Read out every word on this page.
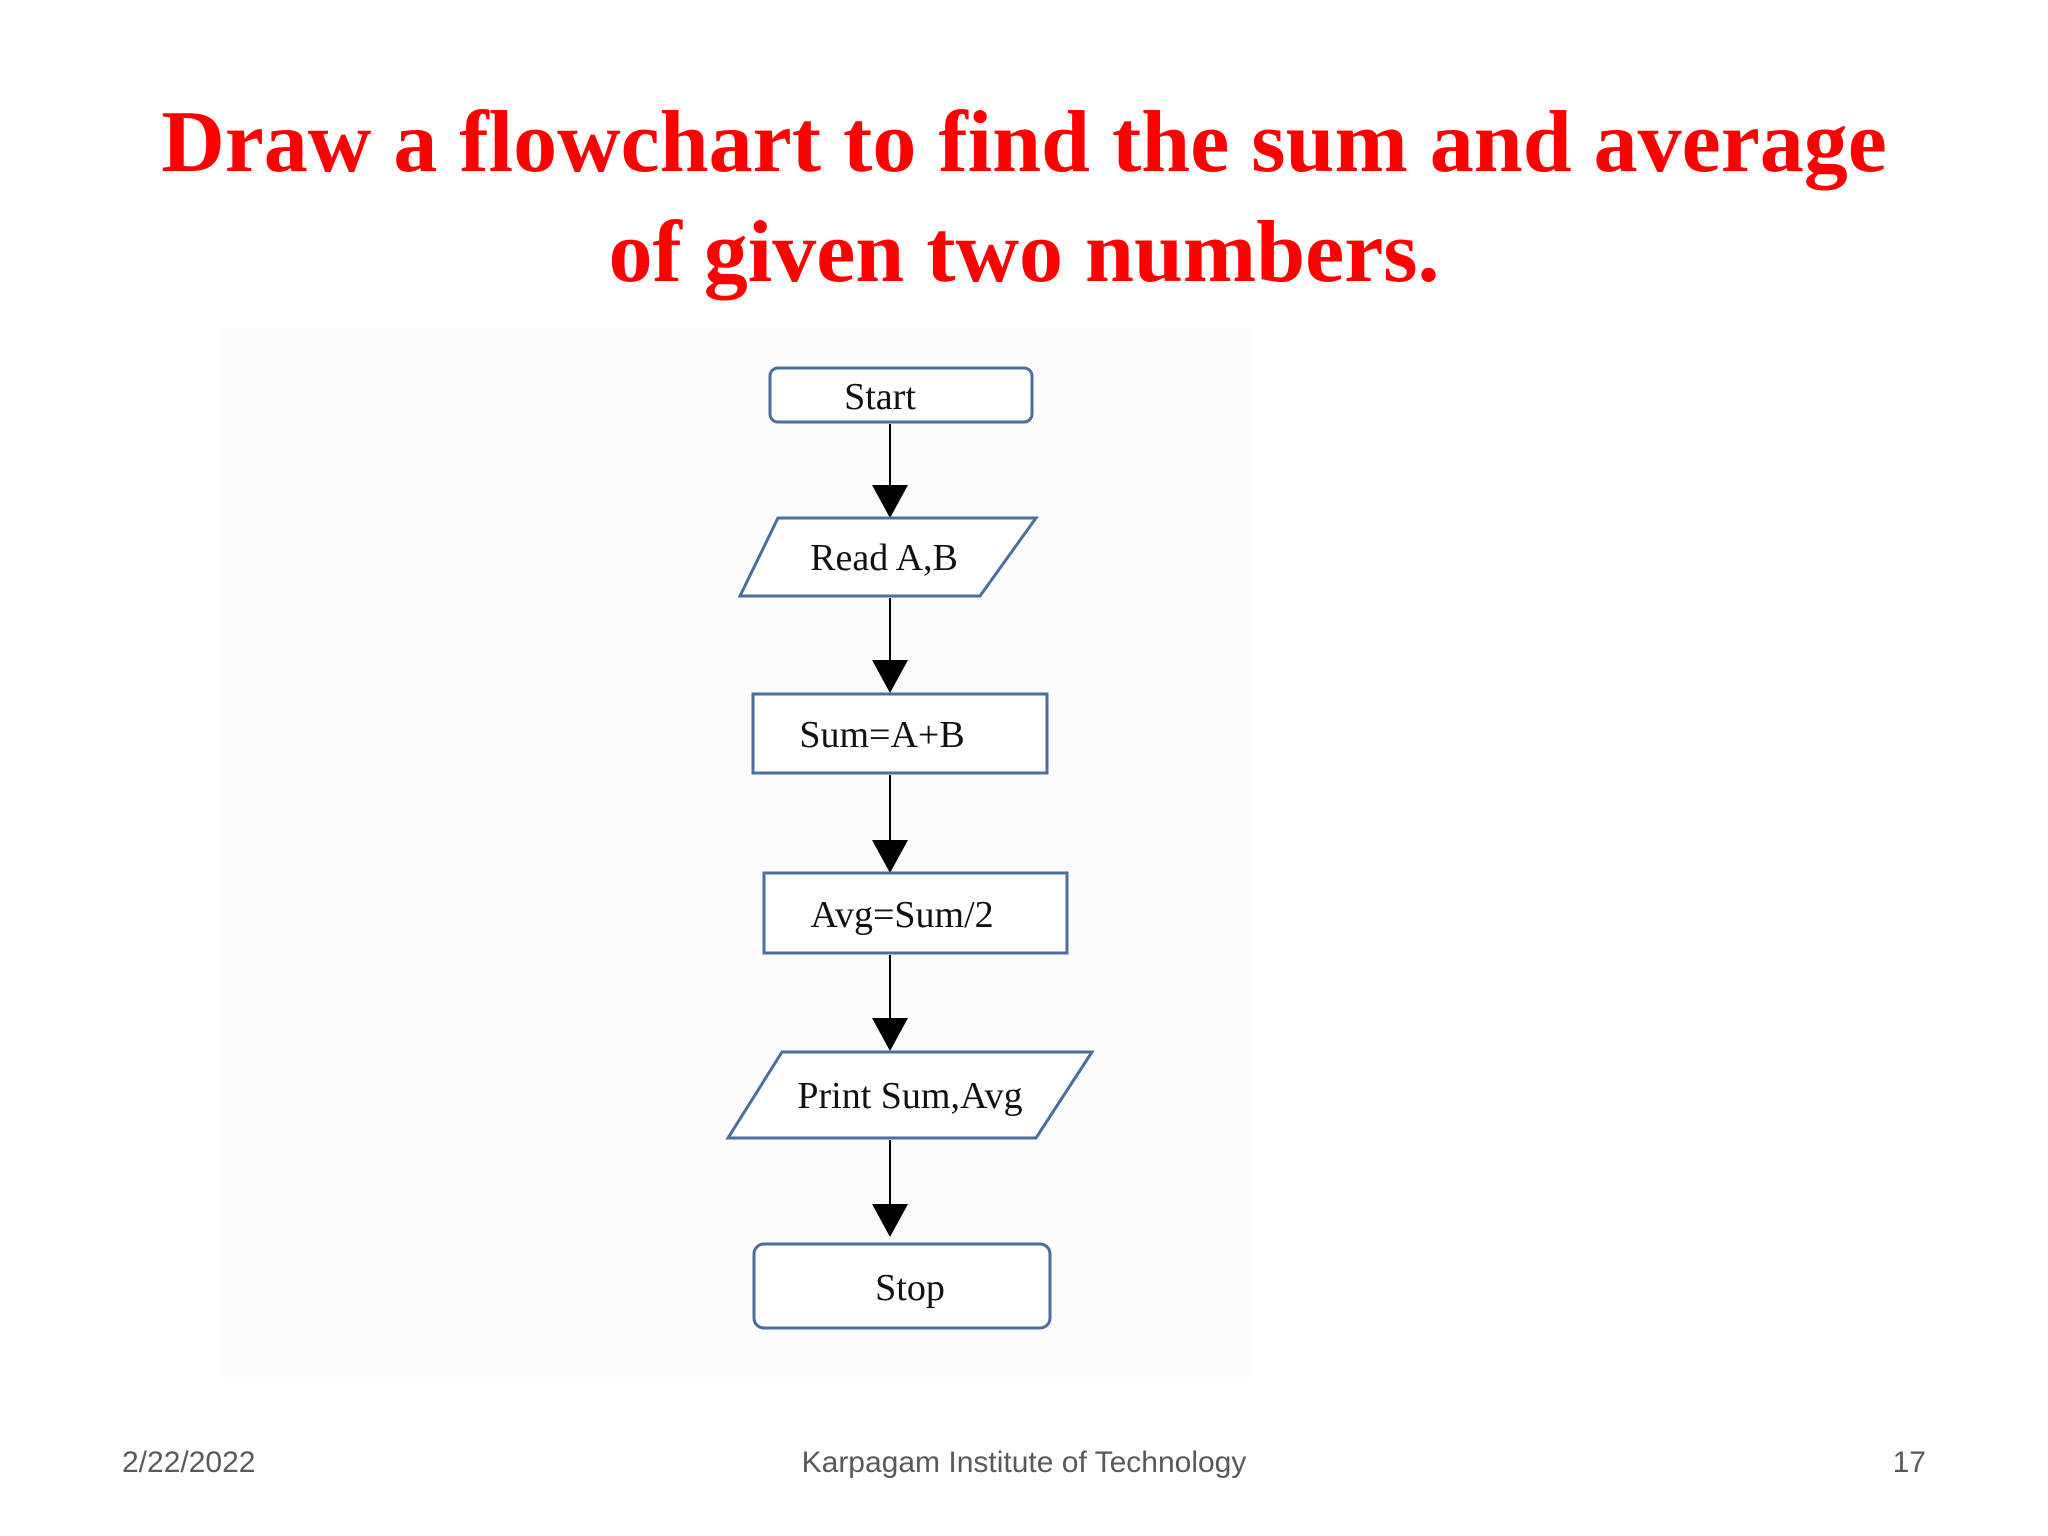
Draw a flowchart to find the sum and average
of given two numbers.
Start
Read A,B
Sum=A+B
Avg=Sum/2
Print Sum,Avg
Stop
2/22/2022	Karpagam Institute of Technology	17
